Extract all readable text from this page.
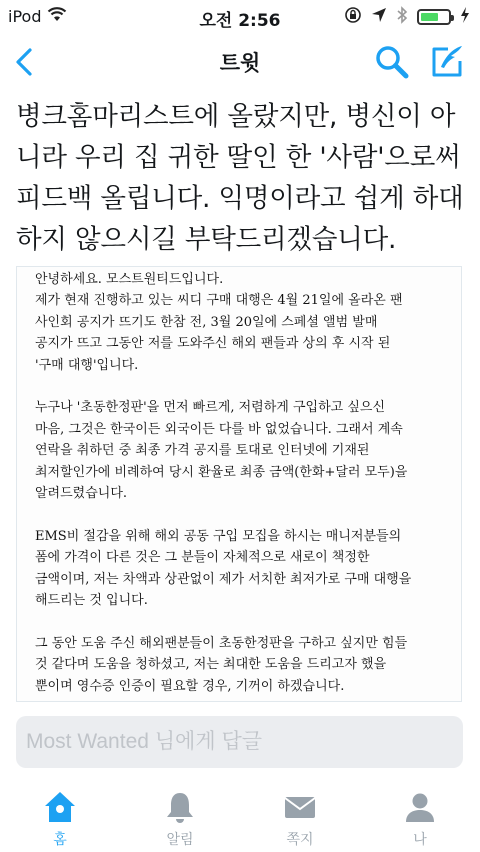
iPod	오전 2:56
트윗

병크홈마리스트에 올랐지만, 병신이 아니라 우리 집 귀한 딸인 한 '사람'으로써 피드백 올립니다. 익명이라고 쉽게 하대하지 않으시길 부탁드리겠습니다.

안녕하세요. 모스트원티드입니다.
제가 현재 진행하고 있는 씨디 구매 대행은 4월 21일에 올라온 팬
사인회 공지가 뜨기도 한참 전, 3월 20일에 스페셜 앨범 발매
공지가 뜨고 그동안 저를 도와주신 해외 팬들과 상의 후 시작 된
'구매 대행'입니다.
누구나 '초동한정판'을 먼저 빠르게, 저렴하게 구입하고 싶으신
마음, 그것은 한국이든 외국이든 다를 바 없었습니다. 그래서 계속
연락을 취하던 중 최종 가격 공지를 토대로 인터넷에 기재된
최저할인가에 비례하여 당시 환율로 최종 금액(한화+달러 모두)을
알려드렸습니다.
EMS비 절감을 위해 해외 공동 구입 모집을 하시는 매니저분들의
폼에 가격이 다른 것은 그 분들이 자체적으로 새로이 책정한
금액이며, 저는 차액과 상관없이 제가 서치한 최저가로 구매 대행을
해드리는 것 입니다.
그 동안 도움 주신 해외팬분들이 초동한정판을 구하고 싶지만 힘들
것 같다며 도움을 청하셨고, 저는 최대한 도움을 드리고자 했을
뿐이며 영수증 인증이 필요할 경우, 기꺼이 하겠습니다.
Most Wanted 님에게 답글
홈	알림	쪽지	나
